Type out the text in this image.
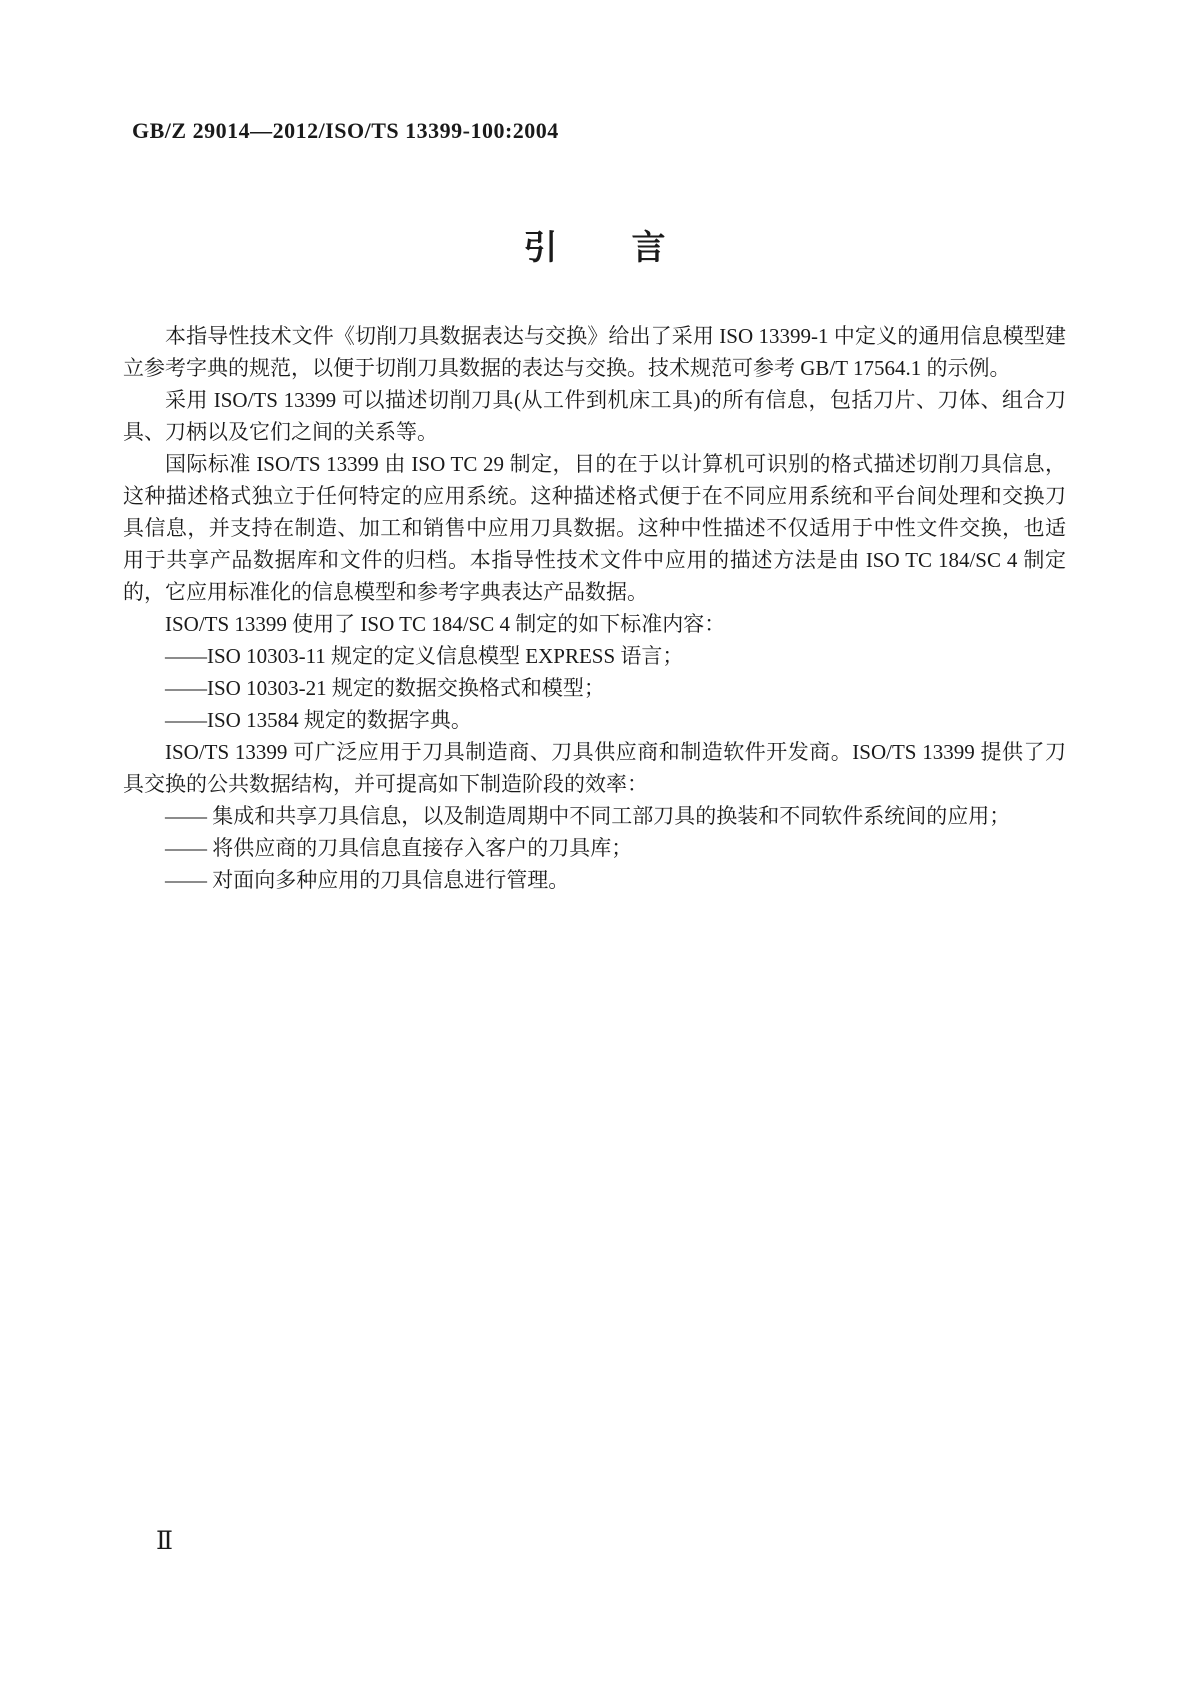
GB/Z 29014—2012/ISO/TS 13399-100:2004
引　　言

本指导性技术文件《切削刀具数据表达与交换》给出了采用 ISO 13399-1 中定义的通用信息模型建立参考字典的规范，以便于切削刀具数据的表达与交换。技术规范可参考 GB/T 17564.1 的示例。

采用 ISO/TS 13399 可以描述切削刀具(从工件到机床工具)的所有信息，包括刀片、刀体、组合刀具、刀柄以及它们之间的关系等。

国际标准 ISO/TS 13399 由 ISO TC 29 制定，目的在于以计算机可识别的格式描述切削刀具信息，这种描述格式独立于任何特定的应用系统。这种描述格式便于在不同应用系统和平台间处理和交换刀具信息，并支持在制造、加工和销售中应用刀具数据。这种中性描述不仅适用于中性文件交换，也适用于共享产品数据库和文件的归档。本指导性技术文件中应用的描述方法是由 ISO TC 184/SC 4 制定的，它应用标准化的信息模型和参考字典表达产品数据。

ISO/TS 13399 使用了 ISO TC 184/SC 4 制定的如下标准内容：

——ISO 10303-11 规定的定义信息模型 EXPRESS 语言；

——ISO 10303-21 规定的数据交换格式和模型；

——ISO 13584 规定的数据字典。

ISO/TS 13399 可广泛应用于刀具制造商、刀具供应商和制造软件开发商。ISO/TS 13399 提供了刀具交换的公共数据结构，并可提高如下制造阶段的效率：

—— 集成和共享刀具信息，以及制造周期中不同工部刀具的换装和不同软件系统间的应用；

—— 将供应商的刀具信息直接存入客户的刀具库；

—— 对面向多种应用的刀具信息进行管理。

Ⅱ
